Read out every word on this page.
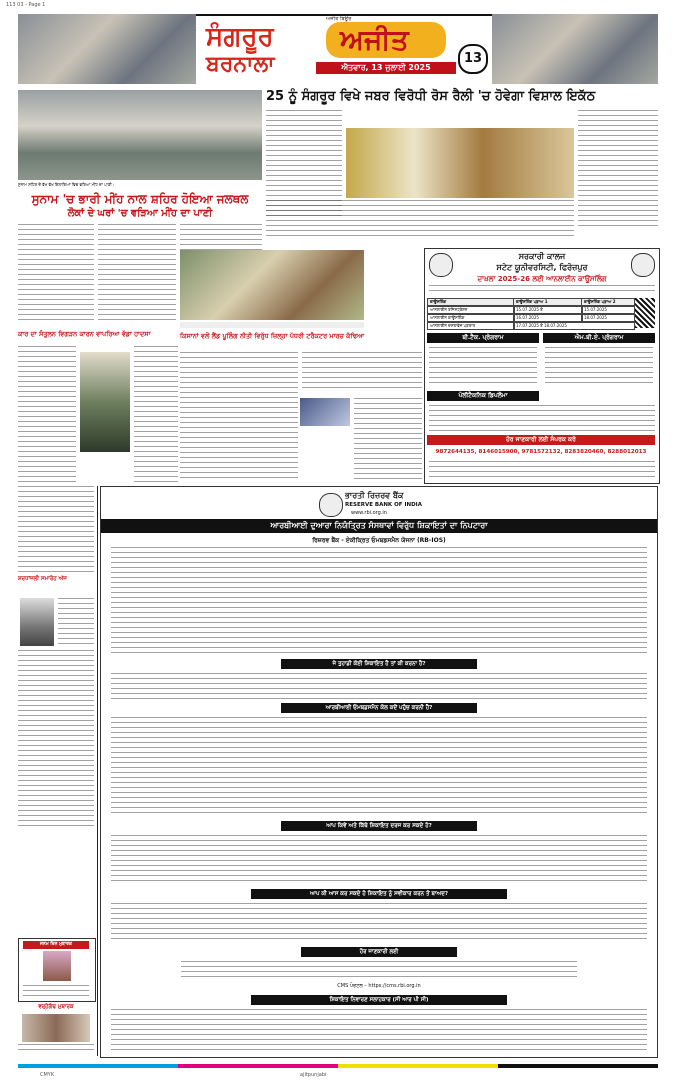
113 03 - Page 1
ਸੰਗਰੂਰ
ਬਰਨਾਲਾ
ਅਜੀਤ
ਅਜੀਤ ਬਿਊਰੋ
ਐਤਵਾਰ, 13 ਜੁਲਾਈ 2025
13
ਸੁਨਾਮ ਸ਼ਹਿਰ ਦੇ ਵੱਖ ਵੱਖ ਇਲਾਕਿਆਂ ਵਿਚ ਭਰਿਆ ਮੀਂਹ ਦਾ ਪਾਣੀ।
ਸੁਨਾਮ 'ਚ ਭਾਰੀ ਮੀਂਹ ਨਾਲ ਸ਼ਹਿਰ ਹੋਇਆ ਜਲਥਲ
ਲੋਕਾਂ ਦੇ ਘਰਾਂ 'ਚ ਵੜਿਆ ਮੀਂਹ ਦਾ ਪਾਣੀ
25 ਨੂੰ ਸੰਗਰੂਰ ਵਿਖੇ ਜਬਰ ਵਿਰੋਧੀ ਰੋਸ ਰੈਲੀ 'ਚ ਹੋਵੇਗਾ ਵਿਸ਼ਾਲ ਇਕੱਠ
ਕਿਸਾਨਾਂ ਵਲੋਂ ਲੈਂਡ ਪੂਲਿੰਗ ਨੀਤੀ ਵਿਰੁੱਧ ਜ਼ਿਲ੍ਹਾ ਪੱਧਰੀ ਟਰੈਕਟਰ ਮਾਰਚ ਕੱਢਿਆ
ਕਾਰ ਦਾ ਸੰਤੁਲਨ ਵਿਗੜਨ ਕਾਰਨ ਵਾਪਰਿਆ ਵੱਡਾ ਹਾਦਸਾ
ਸਰਕਾਰੀ ਕਾਲਜ
ਸਟੇਟ ਯੂਨੀਵਰਸਿਟੀ, ਫਿਰੋਜ਼ਪੁਰ
ਦਾਖ਼ਲਾ 2025-26 ਲਈ ਆਨਲਾਈਨ ਕਾਊਂਸਲਿੰਗ
ਕਾਊਂਸਲਿੰਗ	ਕਾਊਂਸਲਿੰਗ ਪੜਾਅ 1	ਕਾਊਂਸਲਿੰਗ ਪੜਾਅ 2
ਆਨਲਾਈਨ ਰਜਿਸਟ੍ਰੇਸ਼ਨ	15.07.2025 ਤੋਂ	15.07.2025
ਆਨਲਾਈਨ ਕਾਊਂਸਲਿੰਗ	16.07.2025	18.07.2025
ਆਨਲਾਈਨ ਦਸਤਾਵੇਜ਼ ਪੜਤਾਲ	17.07.2025 ਤੋਂ 18.07.2025
ਬੀ.ਟੈਕ. ਪ੍ਰੋਗਰਾਮ	ਐਮ.ਬੀ.ਏ. ਪ੍ਰੋਗਰਾਮ
ਪੋਲੀਟੈਕਨਿਕ ਡਿਪਲੋਮਾ
ਹੋਰ ਜਾਣਕਾਰੀ ਲਈ ਸੰਪਰਕ ਕਰੋ
9872644135, 8146015900, 9781572132, 8283820460, 8288012013
ਸ਼ਰਧਾਂਜਲੀ ਸਮਾਰੋਹ ਅੱਜ
ਜਨਮ ਦਿਨ ਮੁਬਾਰਕ
ਵਰ੍ਹੇਗੰਢ ਮੁਬਾਰਕ
ਭਾਰਤੀ ਰਿਜ਼ਰਵ ਬੈਂਕ
RESERVE BANK OF INDIA
www.rbi.org.in
ਆਰਬੀਆਈ ਦੁਆਰਾ ਨਿਯੰਤ੍ਰਿਤ ਸੰਸਥਾਵਾਂ ਵਿਰੁੱਧ ਸ਼ਿਕਾਇਤਾਂ ਦਾ ਨਿਪਟਾਰਾ
ਰਿਜ਼ਰਵ ਬੈਂਕ - ਏਕੀਕ੍ਰਿਤ ਓਮਬਡਸਮੈਨ ਯੋਜਨਾ (RB-IOS)
ਜੇ ਤੁਹਾਡੀ ਕੋਈ ਸ਼ਿਕਾਇਤ ਹੈ ਤਾਂ ਕੀ ਕਰਨਾ ਹੈ?
ਆਰਬੀਆਈ ਓਮਬਡਸਮੈਨ ਕੋਲ ਕਦੋਂ ਪਹੁੰਚ ਕਰਨੀ ਹੈ?
ਆਪ ਕਿਵੇਂ ਅਤੇ ਕਿੱਥੇ ਸ਼ਿਕਾਇਤ ਦਰਜ ਕਰ ਸਕਦੇ ਹੋ?
ਆਪ ਕੀ ਆਸ ਕਰ ਸਕਦੇ ਹੋ ਸ਼ਿਕਾਇਤ ਨੂੰ ਸਵੀਕਾਰ ਕਰਨ ਤੋਂ ਬਾਅਦ?
ਹੋਰ ਜਾਣਕਾਰੀ ਲਈ
CMS ਪੋਰਟਲ – https://cms.rbi.org.in
ਸ਼ਿਕਾਇਤ ਨਿਵਾਰਣ ਸਲਾਹਕਾਰ (ਸੀ ਆਰ ਪੀ ਸੀ)
CMYK	ajitpunjabi
